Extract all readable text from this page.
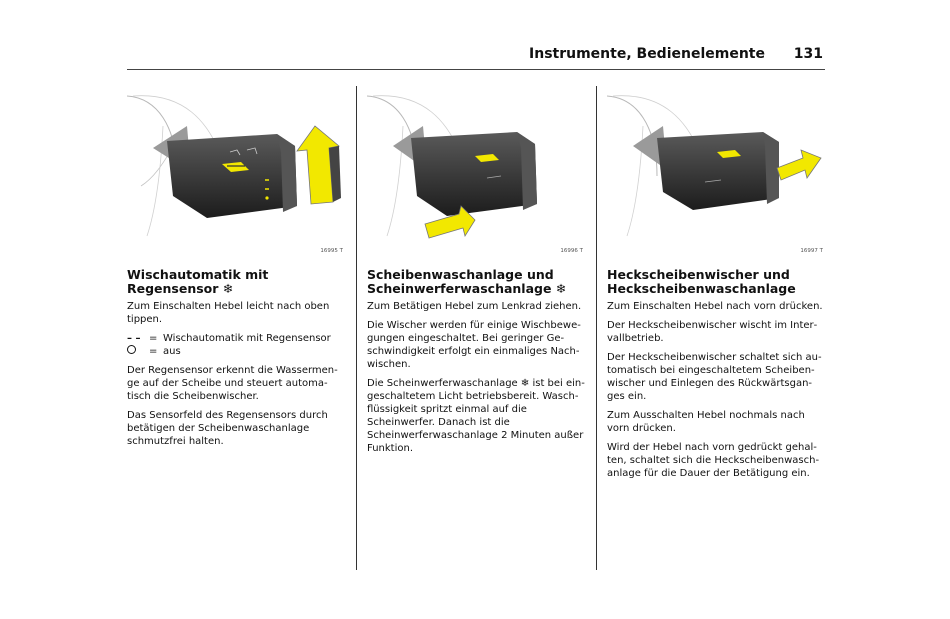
Instrumente, Bedienelemente 131
16995 T
Wischautomatik mit Regensensor ❄

Zum Einschalten Hebel leicht nach oben tippen.

– – = Wischautomatik mit Regensensor
= aus

Der Regensensor erkennt die Wassermenge auf der Scheibe und steuert automatisch die Scheibenwischer.

Das Sensorfeld des Regensensors durch betätigen der Scheibenwaschanlage schmutzfrei halten.

16996 T
Scheibenwaschanlage und Scheinwerferwaschanlage ❄

Zum Betätigen Hebel zum Lenkrad ziehen.

Die Wischer werden für einige Wischbewegungen eingeschaltet. Bei geringer Geschwindigkeit erfolgt ein einmaliges Nachwischen.

Die Scheinwerferwaschanlage ❄ ist bei eingeschaltetem Licht betriebsbereit. Waschflüssigkeit spritzt einmal auf die Scheinwerfer. Danach ist die Scheinwerferwaschanlage 2 Minuten außer Funktion.

16997 T
Heckscheibenwischer und Heckscheibenwaschanlage

Zum Einschalten Hebel nach vorn drücken.

Der Heckscheibenwischer wischt im Intervallbetrieb.

Der Heckscheibenwischer schaltet sich automatisch bei eingeschaltetem Scheibenwischer und Einlegen des Rückwärtsganges ein.

Zum Ausschalten Hebel nochmals nach vorn drücken.

Wird der Hebel nach vorn gedrückt gehalten, schaltet sich die Heckscheibenwaschanlage für die Dauer der Betätigung ein.
